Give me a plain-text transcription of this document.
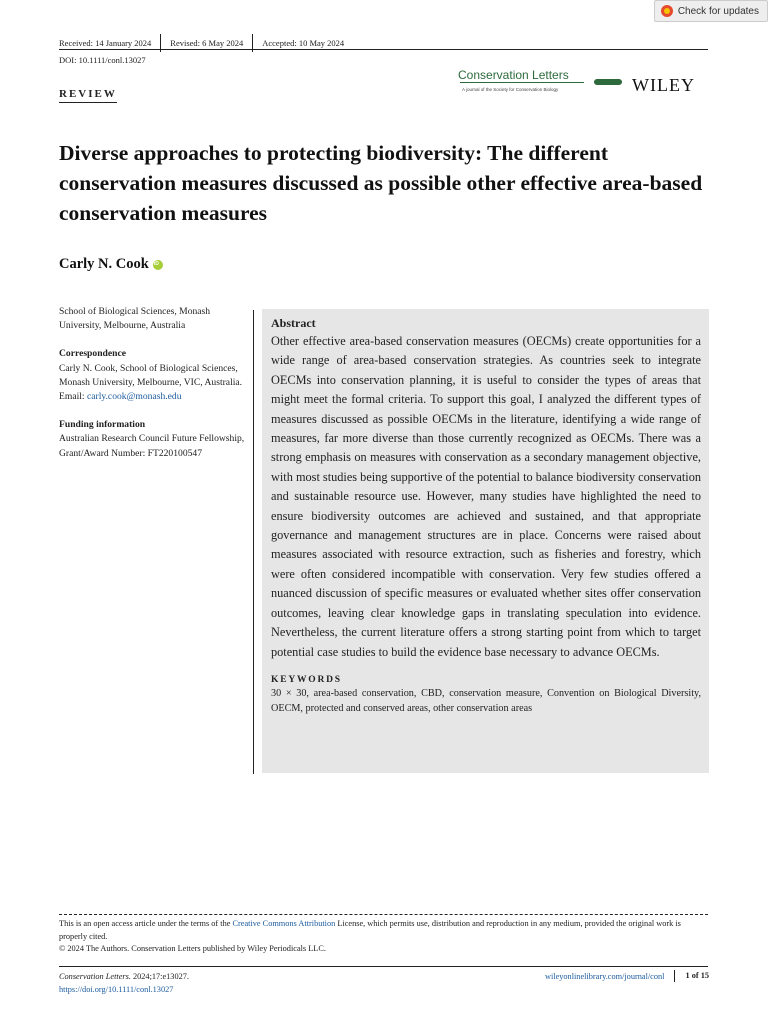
Check for updates
Received: 14 January 2024	Revised: 6 May 2024	Accepted: 10 May 2024
DOI: 10.1111/conl.13027
REVIEW
Conservation Letters
A journal of the Society for Conservation Biology	WILEY
Diverse approaches to protecting biodiversity: The different conservation measures discussed as possible other effective area-based conservation measures
Carly N. Cook
iD

School of Biological Sciences, Monash University, Melbourne, Australia

Correspondence
Carly N. Cook, School of Biological Sciences, Monash University, Melbourne, VIC, Australia.
Email: carly.cook@monash.edu

Funding information
Australian Research Council Future Fellowship, Grant/Award Number: FT220100547

Abstract

Other effective area-based conservation measures (OECMs) create opportunities for a wide range of area-based conservation strategies. As countries seek to integrate OECMs into conservation planning, it is useful to consider the types of areas that might meet the formal criteria. To support this goal, I analyzed the different types of measures discussed as possible OECMs in the literature, identifying a wide range of measures, far more diverse than those currently recognized as OECMs. There was a strong emphasis on measures with conservation as a secondary management objective, with most studies being supportive of the potential to balance biodiversity conservation and sustainable resource use. However, many studies have highlighted the need to ensure biodiversity outcomes are achieved and sustained, and that appropriate governance and management structures are in place. Concerns were raised about measures associated with resource extraction, such as fisheries and forestry, which were often considered incompatible with conservation. Very few studies offered a nuanced discussion of specific measures or evaluated whether sites offer conservation outcomes, leaving clear knowledge gaps in translating speculation into evidence. Nevertheless, the current literature offers a strong starting point from which to target potential case studies to build the evidence base necessary to advance OECMs.

KEYWORDS

30 × 30, area-based conservation, CBD, conservation measure, Convention on Biological Diversity, OECM, protected and conserved areas, other conservation areas

This is an open access article under the terms of the Creative Commons Attribution License, which permits use, distribution and reproduction in any medium, provided the original work is properly cited.

© 2024 The Authors. Conservation Letters published by Wiley Periodicals LLC.

Conservation Letters. 2024;17:e13027.
https://doi.org/10.1111/conl.13027
wileyonlinelibrary.com/journal/conl	1 of 15
